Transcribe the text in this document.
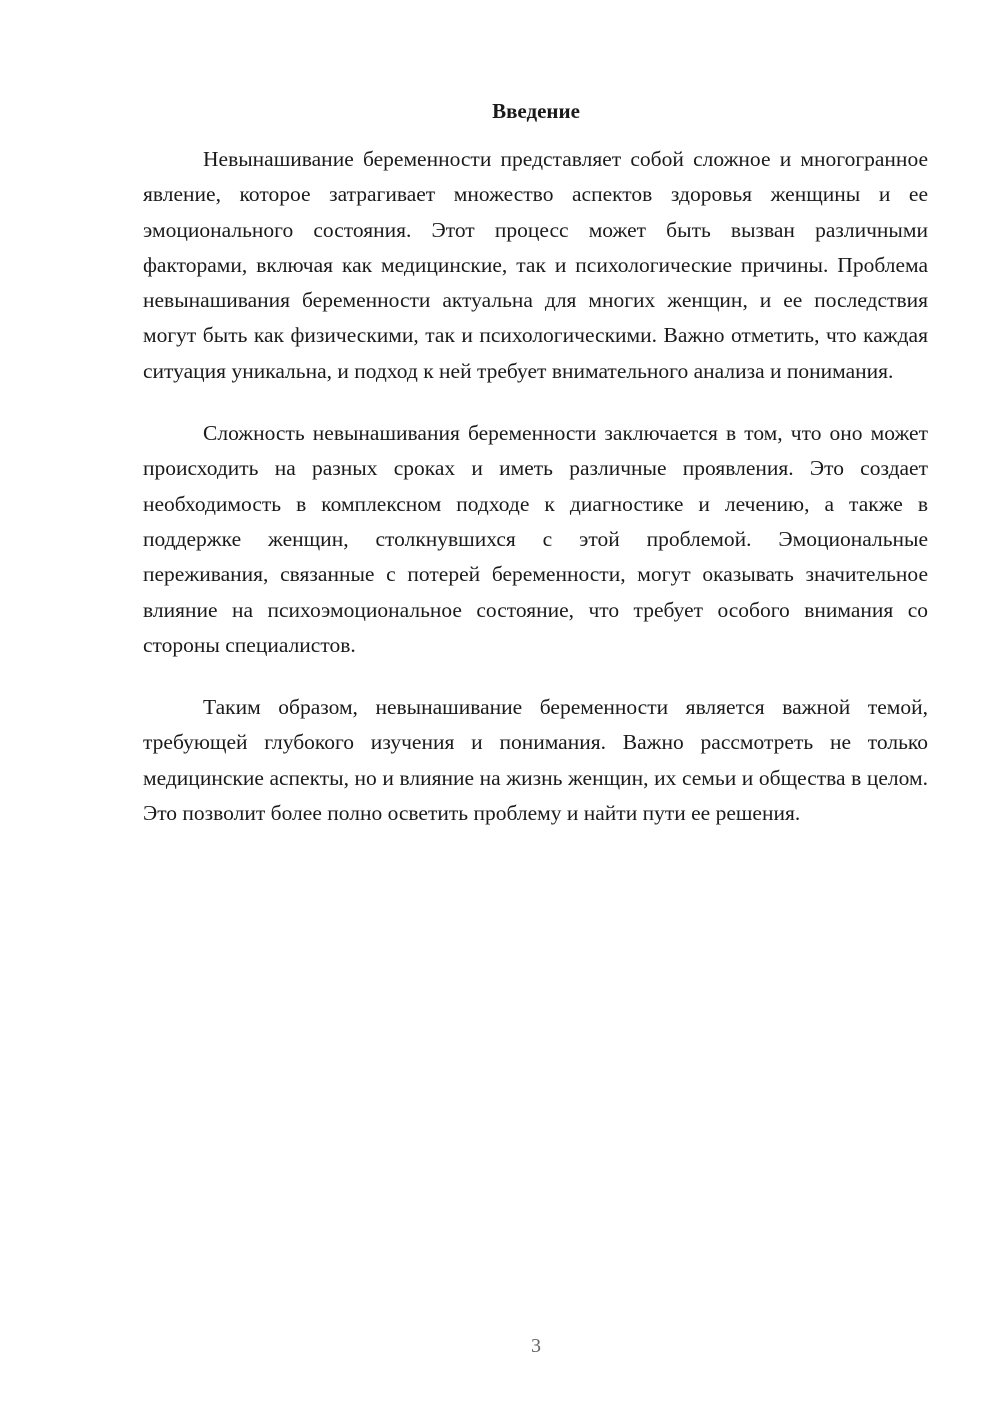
Введение

Невынашивание беременности представляет собой сложное и многогранное явление, которое затрагивает множество аспектов здоровья женщины и ее эмоционального состояния. Этот процесс может быть вызван различными факторами, включая как медицинские, так и психологические причины. Проблема невынашивания беременности актуальна для многих женщин, и ее последствия могут быть как физическими, так и психологическими. Важно отметить, что каждая ситуация уникальна, и подход к ней требует внимательного анализа и понимания.

Сложность невынашивания беременности заключается в том, что оно может происходить на разных сроках и иметь различные проявления. Это создает необходимость в комплексном подходе к диагностике и лечению, а также в поддержке женщин, столкнувшихся с этой проблемой. Эмоциональные переживания, связанные с потерей беременности, могут оказывать значительное влияние на психоэмоциональное состояние, что требует особого внимания со стороны специалистов.

Таким образом, невынашивание беременности является важной темой, требующей глубокого изучения и понимания. Важно рассмотреть не только медицинские аспекты, но и влияние на жизнь женщин, их семьи и общества в целом. Это позволит более полно осветить проблему и найти пути ее решения.

3
